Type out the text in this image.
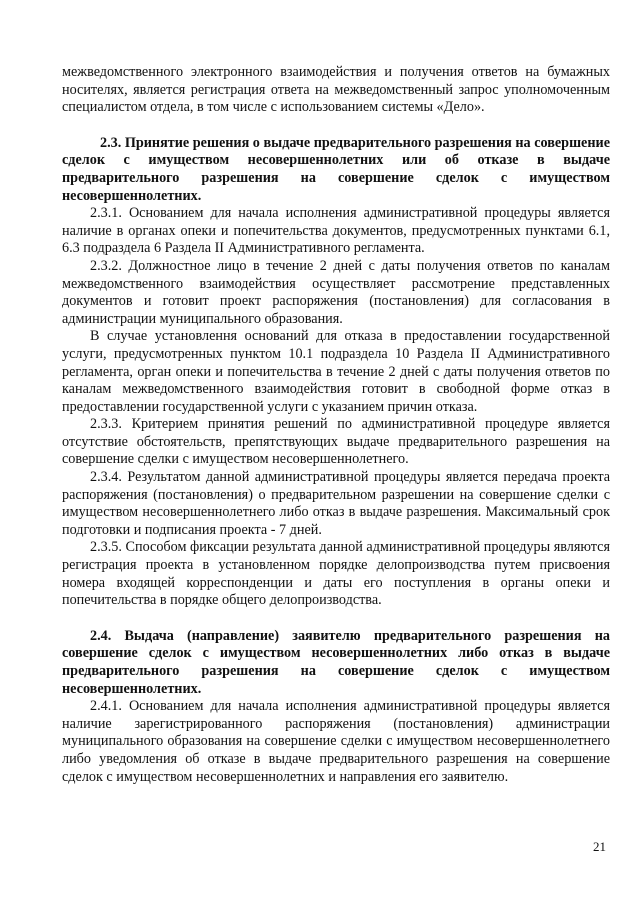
межведомственного электронного взаимодействия и получения ответов на бумажных носителях, является регистрация ответа на межведомственный запрос уполномоченным специалистом отдела, в том числе с использованием системы «Дело».

2.3. Принятие решения о выдаче предварительного разрешения на совершение сделок с имуществом несовершеннолетних или об отказе в выдаче предварительного разрешения на совершение сделок с имуществом несовершеннолетних.

2.3.1. Основанием для начала исполнения административной процедуры является наличие в органах опеки и попечительства документов, предусмотренных пунктами 6.1, 6.3 подраздела 6 Раздела II Административного регламента.

2.3.2. Должностное лицо в течение 2 дней с даты получения ответов по каналам межведомственного взаимодействия осуществляет рассмотрение представленных документов и готовит проект распоряжения (постановления) для согласования в администрации муниципального образования.

В случае установлення оснований для отказа в предоставлении государственной услуги, предусмотренных пунктом 10.1 подраздела 10 Раздела II Административного регламента, орган опеки и попечительства в течение 2 дней с даты получения ответов по каналам межведомственного взаимодействия готовит в свободной форме отказ в предоставлении государственной услуги с указанием причин отказа.

2.3.3. Критерием принятия решений по административной процедуре является отсутствие обстоятельств, препятствующих выдаче предварительного разрешения на совершение сделки с имуществом несовершеннолетнего.

2.3.4. Результатом данной административной процедуры является передача проекта распоряжения (постановления) о предварительном разрешении на совершение сделки с имуществом несовершеннолетнего либо отказ в выдаче разрешения. Максимальный срок подготовки и подписания проекта - 7 дней.

2.3.5. Способом фиксации результата данной административной процедуры являются регистрация проекта в установленном порядке делопроизводства путем присвоения номера входящей корреспонденции и даты его поступления в органы опеки и попечительства в порядке общего делопроизводства.

2.4. Выдача (направление) заявителю предварительного разрешения на совершение сделок с имуществом несовершеннолетних либо отказ в выдаче предварительного разрешения на совершение сделок с имуществом несовершеннолетних.

2.4.1. Основанием для начала исполнения административной процедуры является наличие зарегистрированного распоряжения (постановления) администрации муниципального образования на совершение сделки с имуществом несовершеннолетнего либо уведомления об отказе в выдаче предварительного разрешения на совершение сделок с имуществом несовершеннолетних и направления его заявителю.

21
